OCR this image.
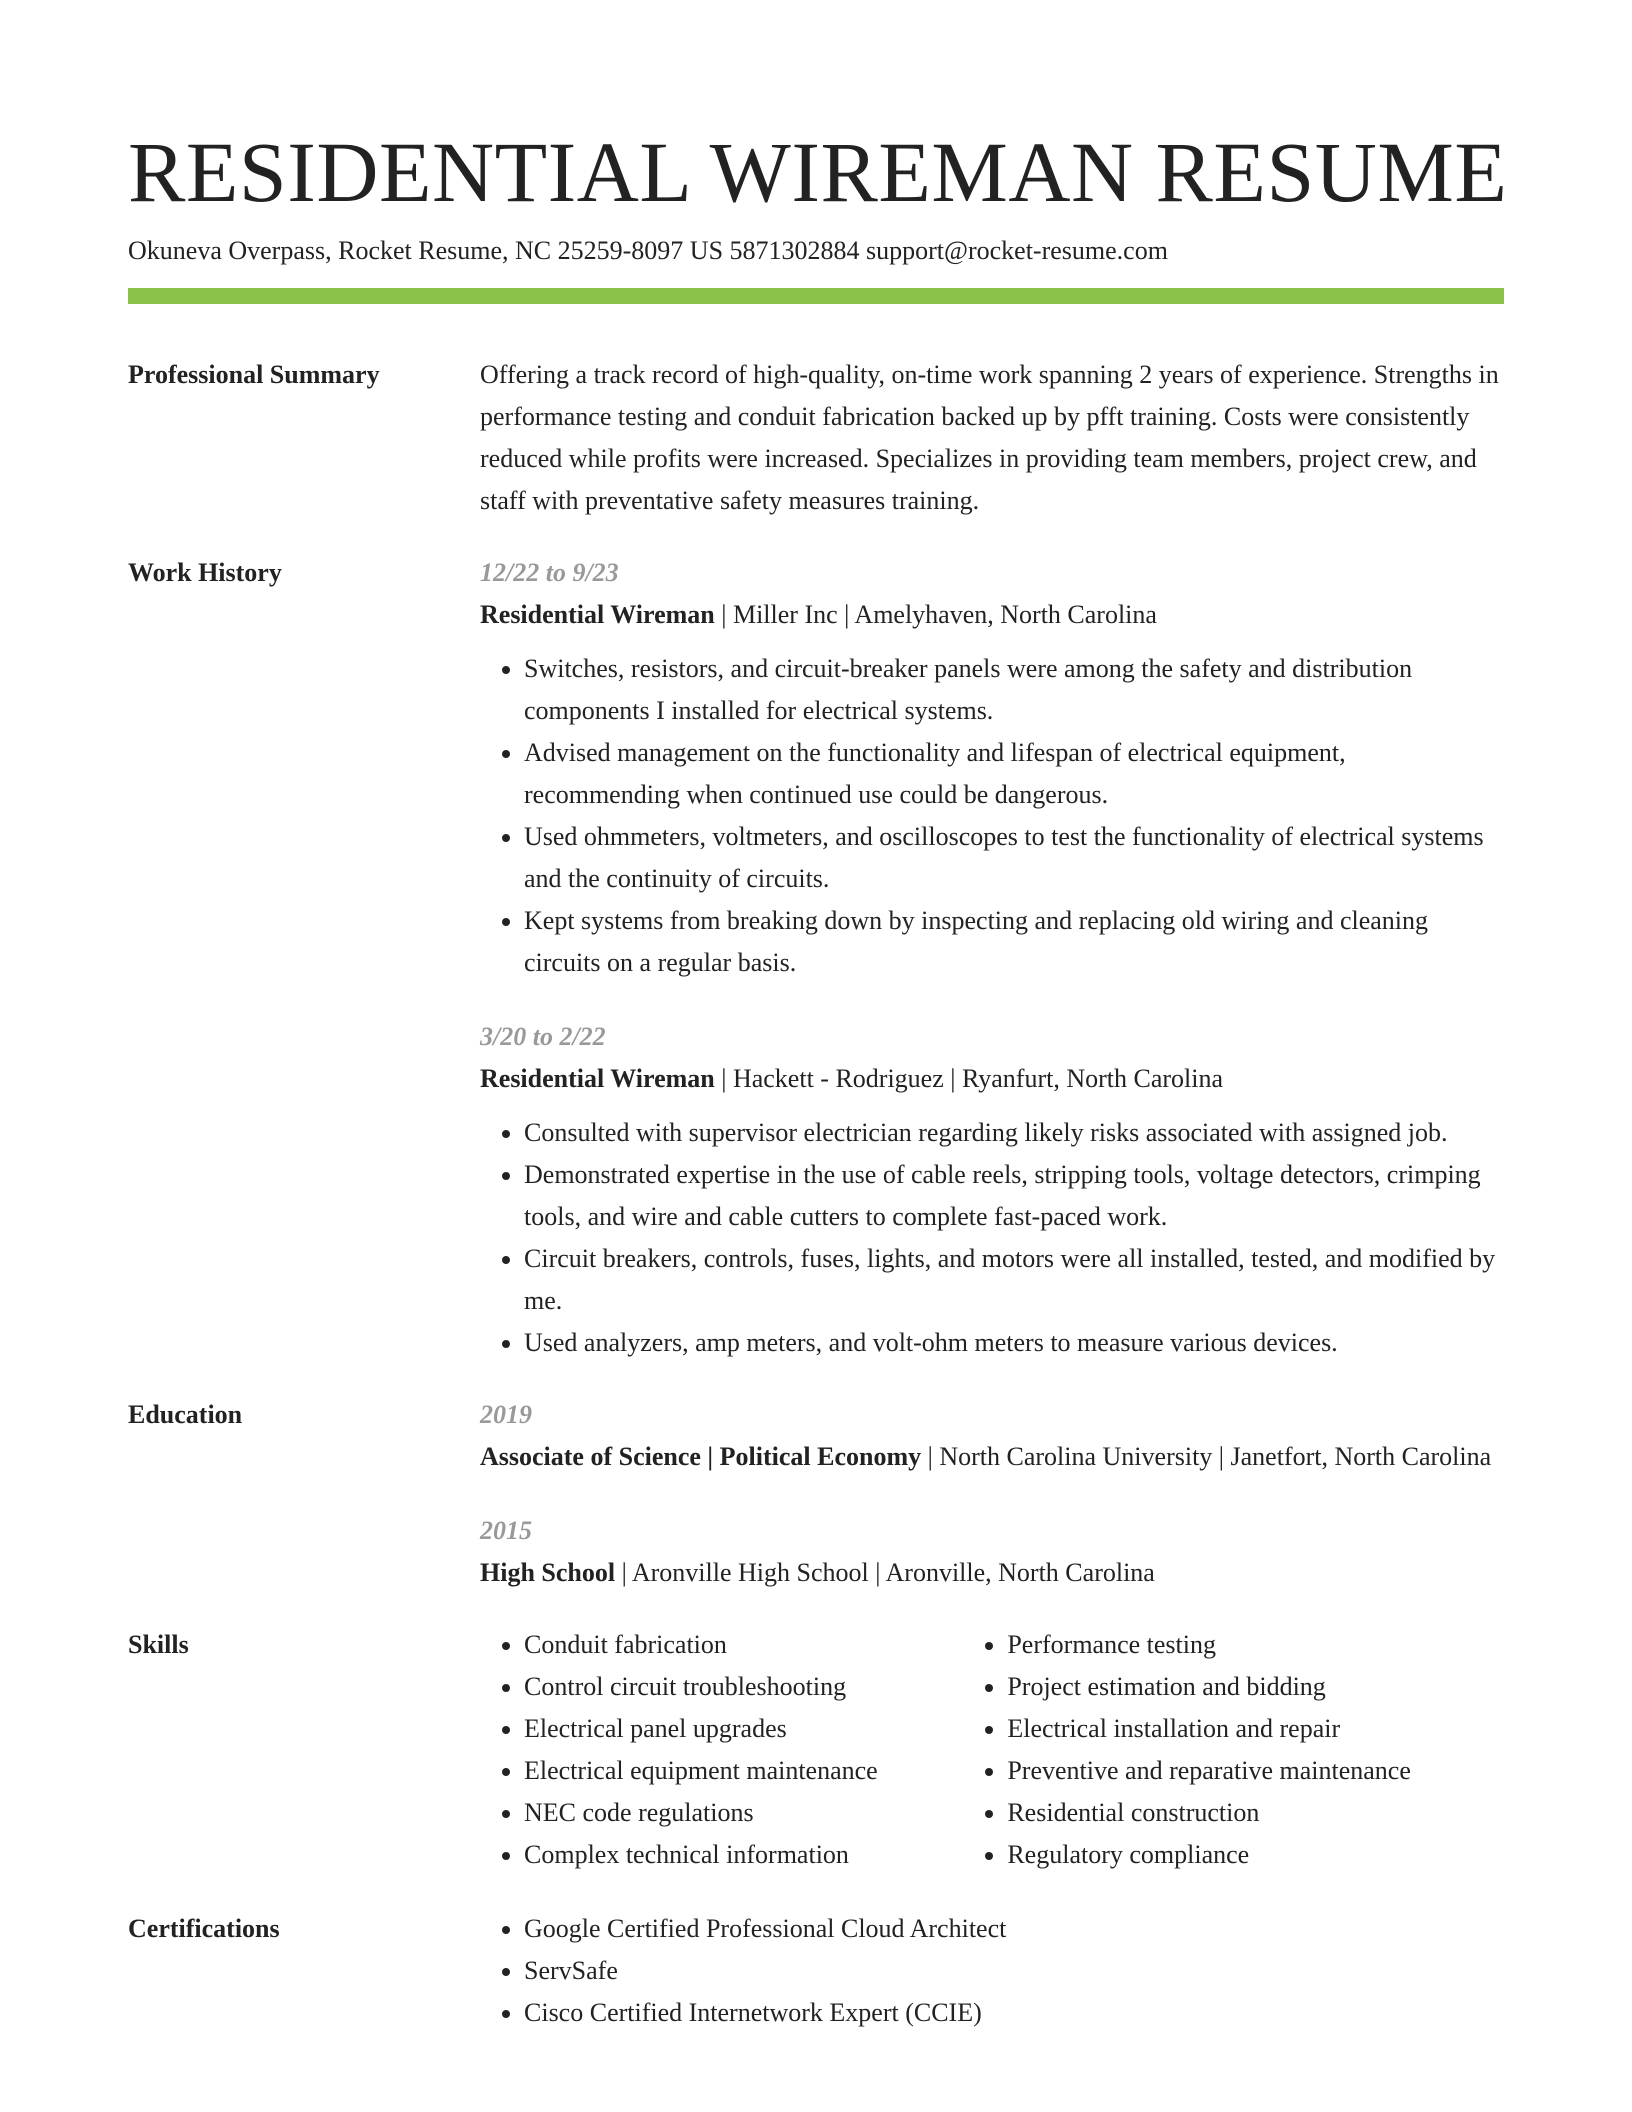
RESIDENTIAL WIREMAN RESUME
Okuneva Overpass, Rocket Resume, NC 25259-8097 US 5871302884 support@rocket-resume.com
Professional Summary	Offering a track record of high-quality, on-time work spanning 2 years of experience. Strengths in performance testing and conduit fabrication backed up by pfft training. Costs were consistently reduced while profits were increased. Specializes in providing team members, project crew, and staff with preventative safety measures training.
Work History	12/22 to 9/23
Residential Wireman | Miller Inc | Amelyhaven, North Carolina
• Switches, resistors, and circuit-breaker panels were among the safety and distribution components I installed for electrical systems.
• Advised management on the functionality and lifespan of electrical equipment, recommending when continued use could be dangerous.
• Used ohmmeters, voltmeters, and oscilloscopes to test the functionality of electrical systems and the continuity of circuits.
• Kept systems from breaking down by inspecting and replacing old wiring and cleaning circuits on a regular basis.
3/20 to 2/22
Residential Wireman | Hackett - Rodriguez | Ryanfurt, North Carolina
• Consulted with supervisor electrician regarding likely risks associated with assigned job.
• Demonstrated expertise in the use of cable reels, stripping tools, voltage detectors, crimping tools, and wire and cable cutters to complete fast-paced work.
• Circuit breakers, controls, fuses, lights, and motors were all installed, tested, and modified by me.
• Used analyzers, amp meters, and volt-ohm meters to measure various devices.
Education	2019
Associate of Science | Political Economy | North Carolina University | Janetfort, North Carolina
2015
High School | Aronville High School | Aronville, North Carolina
Skills	• Conduit fabrication
• Control circuit troubleshooting
• Electrical panel upgrades
• Electrical equipment maintenance
• NEC code regulations
• Complex technical information
• Performance testing
• Project estimation and bidding
• Electrical installation and repair
• Preventive and reparative maintenance
• Residential construction
• Regulatory compliance
Certifications	• Google Certified Professional Cloud Architect
• ServSafe
• Cisco Certified Internetwork Expert (CCIE)
